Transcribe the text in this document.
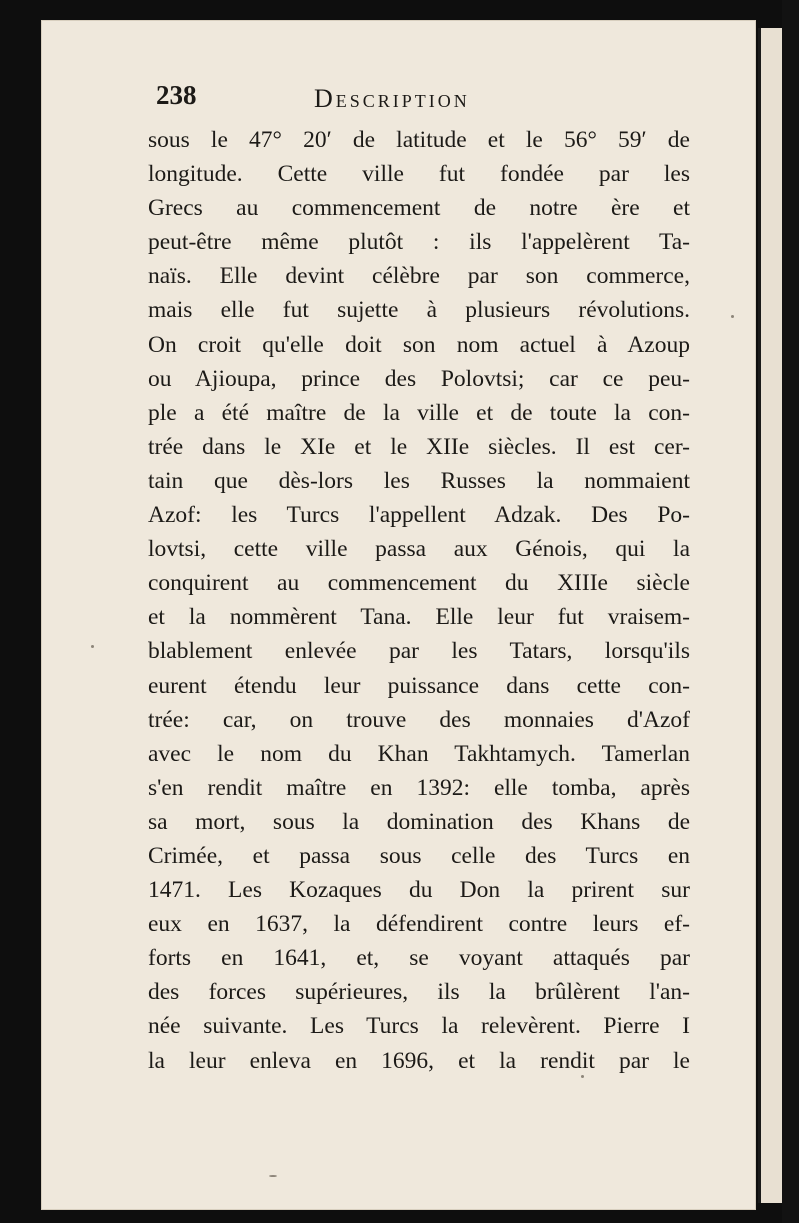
238	Description
sous le 47° 20′ de latitude et le 56° 59′ de
longitude. Cette ville fut fondée par les
Grecs au commencement de notre ère et
peut-être même plutôt : ils l'appelèrent Ta-
naïs. Elle devint célèbre par son commerce,
mais elle fut sujette à plusieurs révolutions.
On croit qu'elle doit son nom actuel à Azoup
ou Ajioupa, prince des Polovtsi; car ce peu-
ple a été maître de la ville et de toute la con-
trée dans le XIe et le XIIe siècles. Il est cer-
tain que dès-lors les Russes la nommaient
Azof: les Turcs l'appellent Adzak. Des Po-
lovtsi, cette ville passa aux Génois, qui la
conquirent au commencement du XIIIe siècle
et la nommèrent Tana. Elle leur fut vraisem-
blablement enlevée par les Tatars, lorsqu'ils
eurent étendu leur puissance dans cette con-
trée: car, on trouve des monnaies d'Azof
avec le nom du Khan Takhtamych. Tamerlan
s'en rendit maître en 1392: elle tomba, après
sa mort, sous la domination des Khans de
Crimée, et passa sous celle des Turcs en
1471. Les Kozaques du Don la prirent sur
eux en 1637, la défendirent contre leurs ef-
forts en 1641, et, se voyant attaqués par
des forces supérieures, ils la brûlèrent l'an-
née suivante. Les Turcs la relevèrent. Pierre I
la leur enleva en 1696, et la rendit par le
